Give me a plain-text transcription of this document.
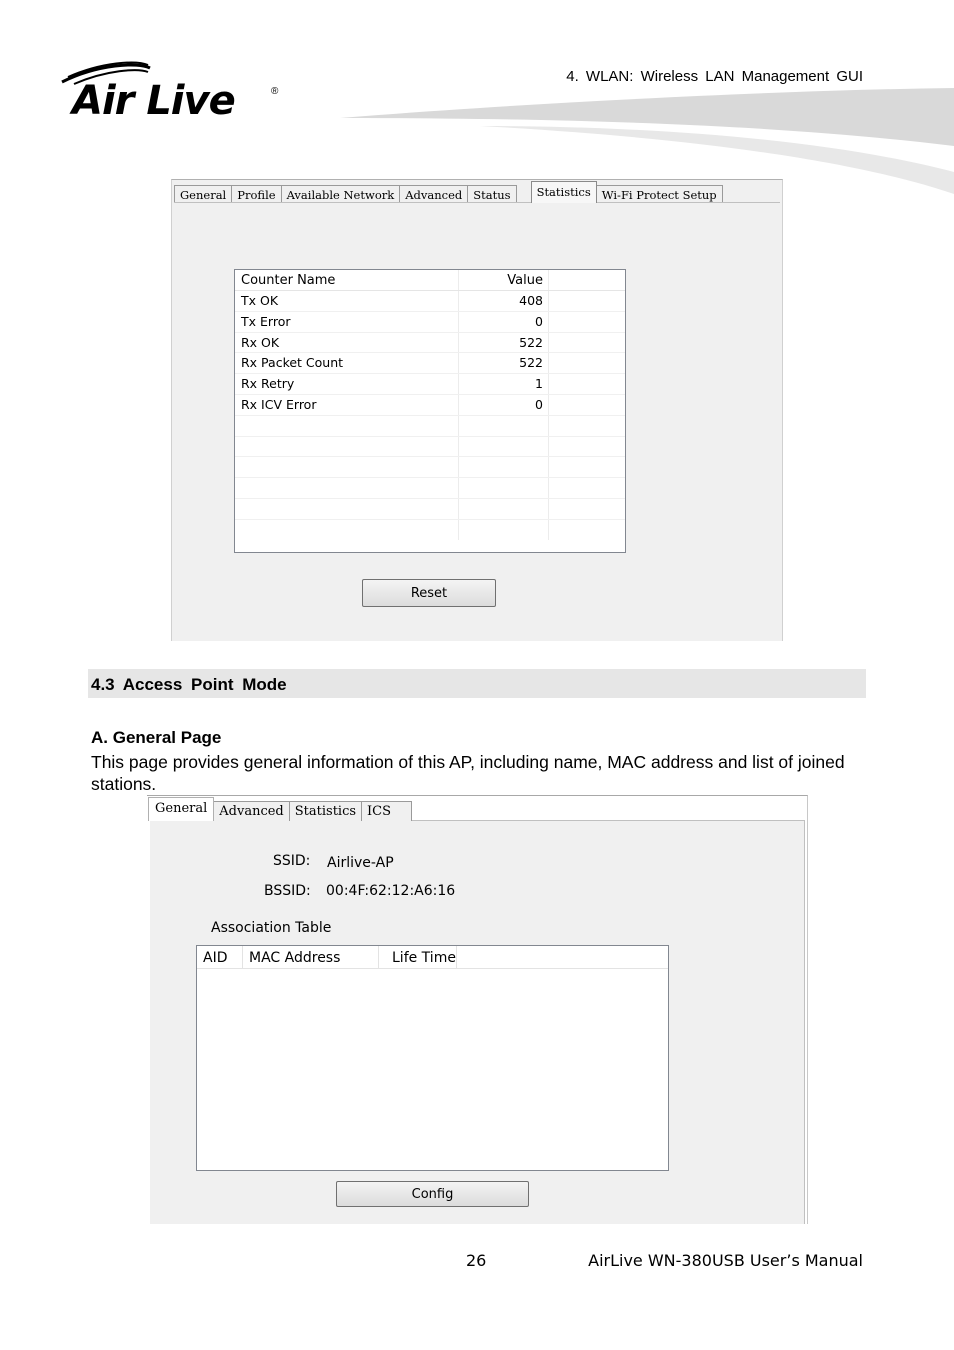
Air Live	®
4. WLAN: Wireless LAN Management GUI
General Profile Available Network Advanced Status	Statistics Wi-Fi Protect Setup
Counter Name	Value
Tx OK	408
Tx Error	0
Rx OK	522
Rx Packet Count	522
Rx Retry	1
Rx ICV Error	0
Reset
4.3 Access Point Mode
A. General Page
This page provides general information of this AP, including name, MAC address and list of joined stations.
General Advanced Statistics ICS
SSID: Airlive-AP
BSSID: 00:4F:62:12:A6:16
Association Table
AID	MAC Address	Life Time
Config
26	AirLive WN-380USB User’s Manual
